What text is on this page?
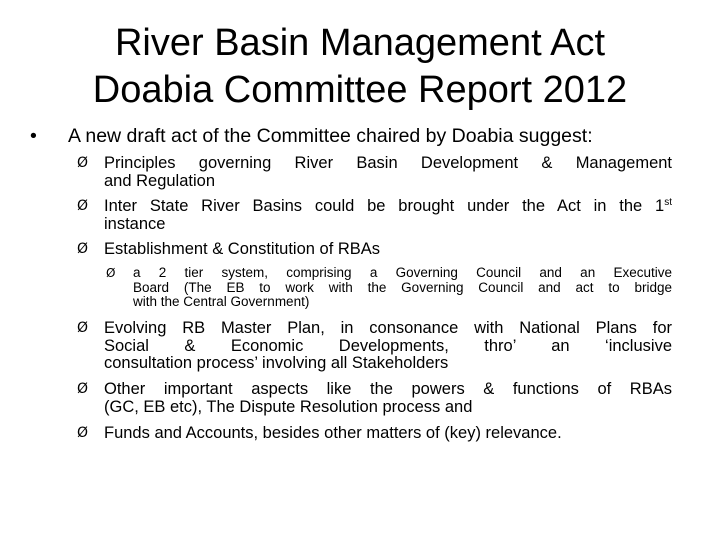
River Basin Management Act
Doabia Committee Report 2012
• A new draft act of the Committee chaired by Doabia suggest:
Ø Principles governing River Basin Development & Management
and Regulation
Ø Inter State River Basins could be brought under the Act in the 1st
instance
Ø Establishment & Constitution of RBAs
Ø a 2 tier system, comprising a Governing Council and an Executive
Board (The EB to work with the Governing Council and act to bridge
with the Central Government)
Ø Evolving RB Master Plan, in consonance with National Plans for
Social & Economic Developments, thro’ an ‘inclusive
consultation process’ involving all Stakeholders
Ø Other important aspects like the powers & functions of RBAs
(GC, EB etc), The Dispute Resolution process and
Ø Funds and Accounts, besides other matters of (key) relevance.
